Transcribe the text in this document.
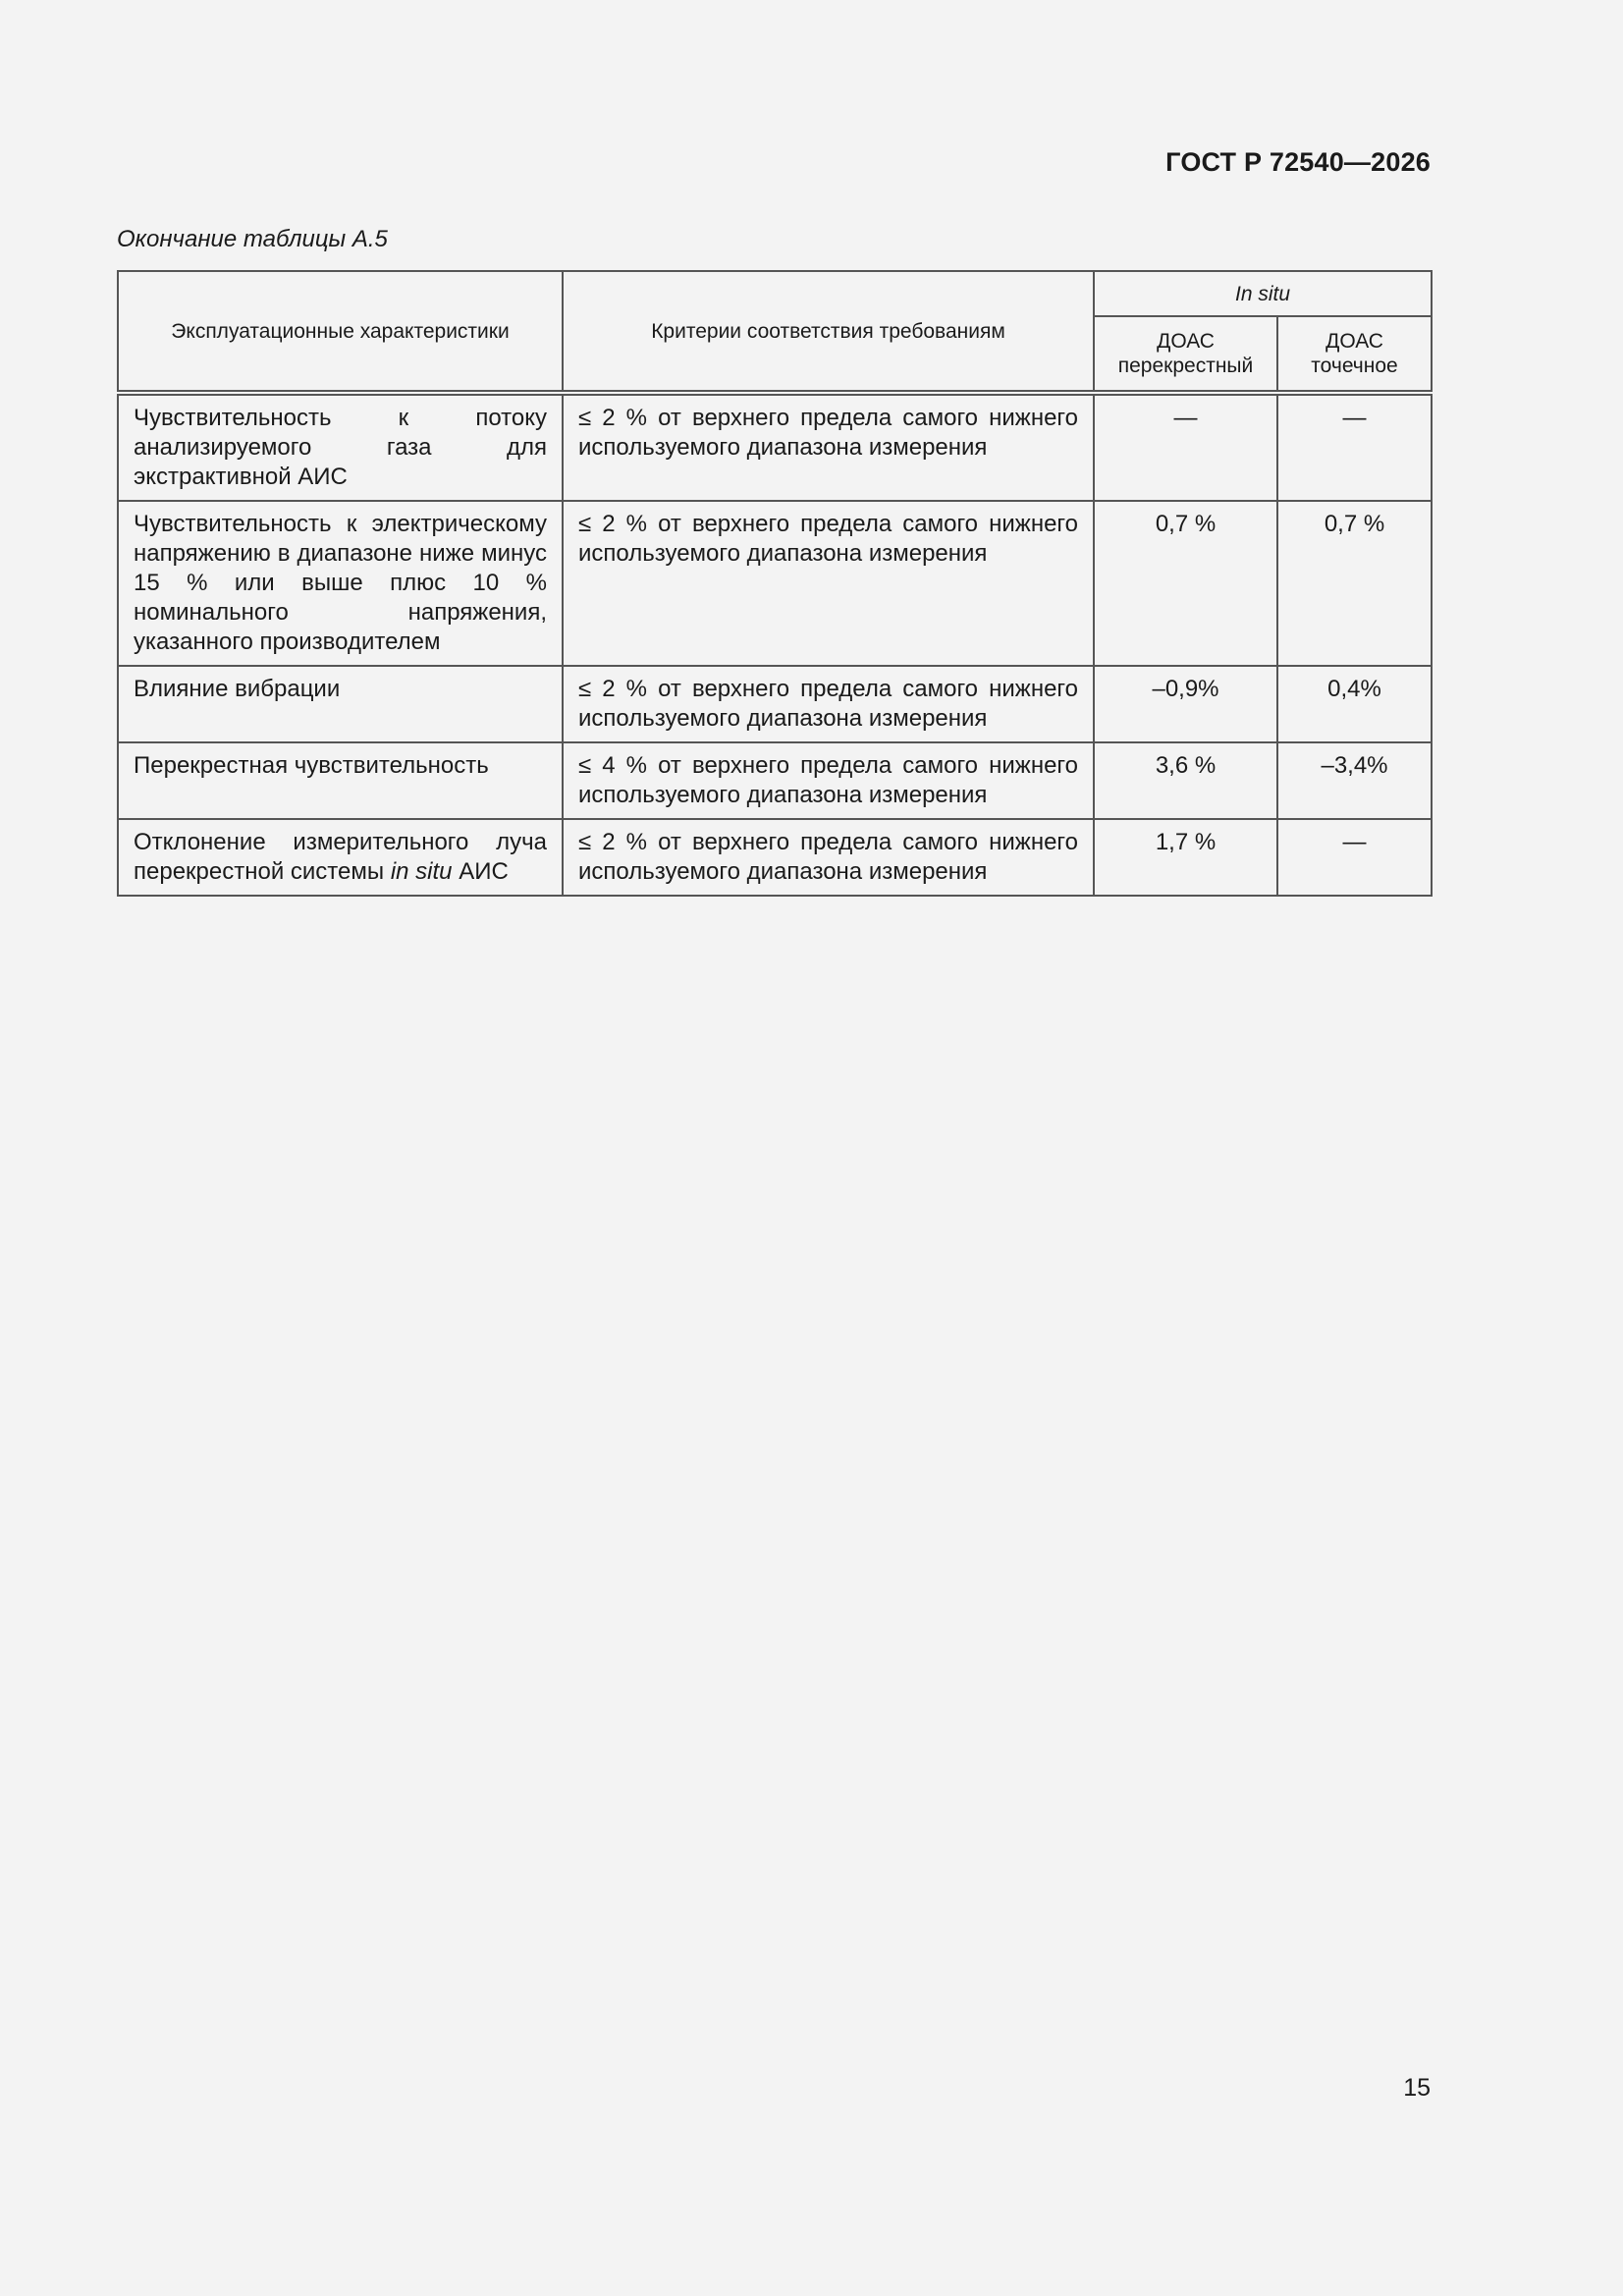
ГОСТ Р 72540—2026
Окончание таблицы А.5
Эксплуатационные характеристики	Критерии соответствия требованиям	In situ	
		ДОАС перекрестный	ДОАС точечное
Чувствительность к потоку анализируемого газа для экстрактивной АИС	≤ 2 % от верхнего предела самого нижнего используемого диапазона измерения	—	—
Чувствительность к электрическому напряжению в диапазоне ниже минус 15 % или выше плюс 10 % номинального напряжения, указанного производителем	≤ 2 % от верхнего предела самого нижнего используемого диапазона измерения	0,7 %	0,7 %
Влияние вибрации	≤ 2 % от верхнего предела самого нижнего используемого диапазона измерения	–0,9%	0,4%
Перекрестная чувствительность	≤ 4 % от верхнего предела самого нижнего используемого диапазона измерения	3,6 %	–3,4%
Отклонение измерительного луча перекрестной системы in situ АИС	≤ 2 % от верхнего предела самого нижнего используемого диапазона измерения	1,7 %	—
15
